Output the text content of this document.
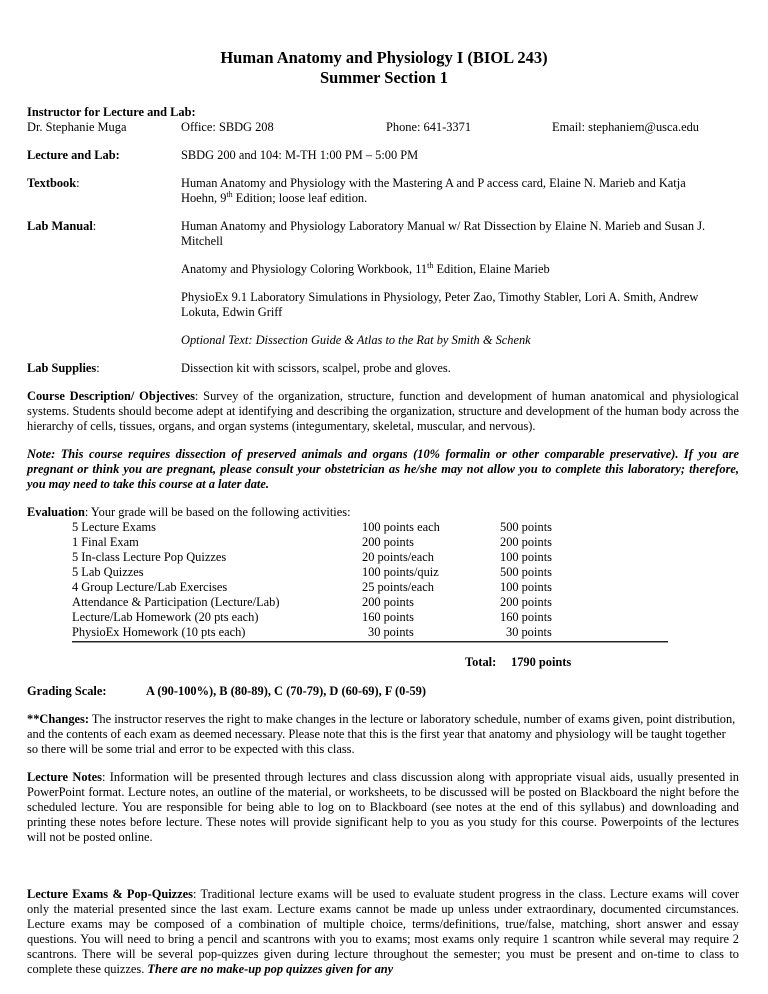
Human Anatomy and Physiology I (BIOL 243)
Summer Section 1
Instructor for Lecture and Lab:
Dr. Stephanie Muga	Office: SBDG 208	Phone: 641-3371	Email: stephaniem@usca.edu
Lecture and Lab:	SBDG 200 and 104: M-TH 1:00 PM – 5:00 PM
Textbook:	Human Anatomy and Physiology with the Mastering A and P access card, Elaine N. Marieb and Katja
Hoehn, 9th Edition; loose leaf edition.
Lab Manual:	Human Anatomy and Physiology Laboratory Manual w/ Rat Dissection by Elaine N. Marieb and Susan J.
Mitchell
Anatomy and Physiology Coloring Workbook, 11th Edition, Elaine Marieb
PhysioEx 9.1 Laboratory Simulations in Physiology, Peter Zao, Timothy Stabler, Lori A. Smith, Andrew
Lokuta, Edwin Griff
Optional Text: Dissection Guide & Atlas to the Rat by Smith & Schenk
Lab Supplies:	Dissection kit with scissors, scalpel, probe and gloves.
Course Description/ Objectives: Survey of the organization, structure, function and development of human anatomical and physiological systems. Students should become adept at identifying and describing the organization, structure and development of the human body across the hierarchy of cells, tissues, organs, and organ systems (integumentary, skeletal, muscular, and nervous).
Note: This course requires dissection of preserved animals and organs (10% formalin or other comparable preservative). If you are pregnant or think you are pregnant, please consult your obstetrician as he/she may not allow you to complete this laboratory; therefore, you may need to take this course at a later date.
Evaluation: Your grade will be based on the following activities:
5 Lecture Exams	100 points each	500 points
1 Final Exam	200 points	200 points
5 In-class Lecture Pop Quizzes	20 points/each	100 points
5 Lab Quizzes	100 points/quiz	500 points
4 Group Lecture/Lab Exercises	25 points/each	100 points
Attendance & Participation (Lecture/Lab)	200 points	200 points
Lecture/Lab Homework (20 pts each)	160 points	160 points
PhysioEx Homework (10 pts each)	30 points	30 points
Total: 1790 points
Grading Scale:	A (90-100%), B (80-89), C (70-79), D (60-69), F (0-59)
**Changes: The instructor reserves the right to make changes in the lecture or laboratory schedule, number of exams given, point distribution, and the contents of each exam as deemed necessary. Please note that this is the first year that anatomy and physiology will be taught together so there will be some trial and error to be expected with this class.
Lecture Notes: Information will be presented through lectures and class discussion along with appropriate visual aids, usually presented in PowerPoint format. Lecture notes, an outline of the material, or worksheets, to be discussed will be posted on Blackboard the night before the scheduled lecture. You are responsible for being able to log on to Blackboard (see notes at the end of this syllabus) and downloading and printing these notes before lecture. These notes will provide significant help to you as you study for this course. Powerpoints of the lectures will not be posted online.
Lecture Exams & Pop-Quizzes: Traditional lecture exams will be used to evaluate student progress in the class. Lecture exams will cover only the material presented since the last exam. Lecture exams cannot be made up unless under extraordinary, documented circumstances. Lecture exams may be composed of a combination of multiple choice, terms/definitions, true/false, matching, short answer and essay questions. You will need to bring a pencil and scantrons with you to exams; most exams only require 1 scantron while several may require 2 scantrons. There will be several pop-quizzes given during lecture throughout the semester; you must be present and on-time to class to complete these quizzes. There are no make-up pop quizzes given for any
